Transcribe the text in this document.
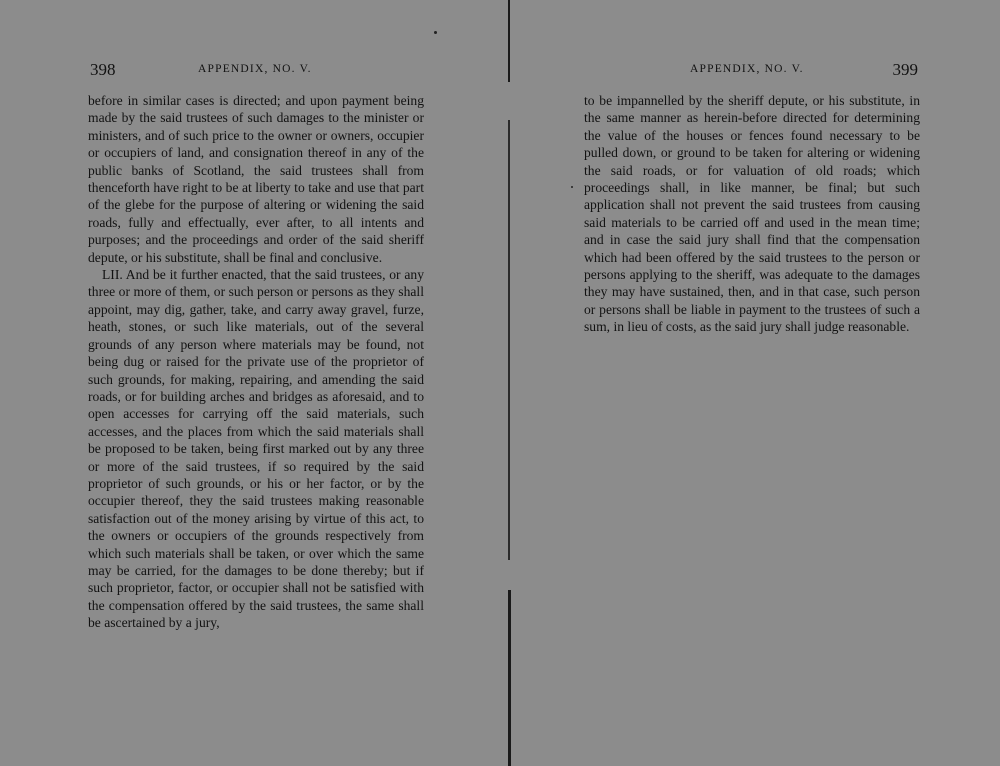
398	APPENDIX, NO. V.

before in similar cases is directed; and upon payment being made by the said trustees of such damages to the minister or ministers, and of such price to the owner or owners, occupier or occupiers of land, and consignation thereof in any of the public banks of Scotland, the said trustees shall from thenceforth have right to be at liberty to take and use that part of the glebe for the purpose of altering or widening the said roads, fully and effectually, ever after, to all intents and purposes; and the proceedings and order of the said sheriff depute, or his substitute, shall be final and conclusive.

LII. And be it further enacted, that the said trustees, or any three or more of them, or such person or persons as they shall appoint, may dig, gather, take, and carry away gravel, furze, heath, stones, or such like materials, out of the several grounds of any person where materials may be found, not being dug or raised for the private use of the proprietor of such grounds, for making, repairing, and amending the said roads, or for building arches and bridges as aforesaid, and to open accesses for carrying off the said materials, such accesses, and the places from which the said materials shall be proposed to be taken, being first marked out by any three or more of the said trustees, if so required by the said proprietor of such grounds, or his or her factor, or by the occupier thereof, they the said trustees making reasonable satisfaction out of the money arising by virtue of this act, to the owners or occupiers of the grounds respectively from which such materials shall be taken, or over which the same may be carried, for the damages to be done thereby; but if such proprietor, factor, or occupier shall not be satisfied with the compensation offered by the said trustees, the same shall be ascertained by a jury,

APPENDIX, NO. V.	399

to be impannelled by the sheriff depute, or his substitute, in the same manner as herein-before directed for determining the value of the houses or fences found necessary to be pulled down, or ground to be taken for altering or widening the said roads, or for valuation of old roads; which proceedings shall, in like manner, be final; but such application shall not prevent the said trustees from causing said materials to be carried off and used in the mean time; and in case the said jury shall find that the compensation which had been offered by the said trustees to the person or persons applying to the sheriff, was adequate to the damages they may have sustained, then, and in that case, such person or persons shall be liable in payment to the trustees of such a sum, in lieu of costs, as the said jury shall judge reasonable.
